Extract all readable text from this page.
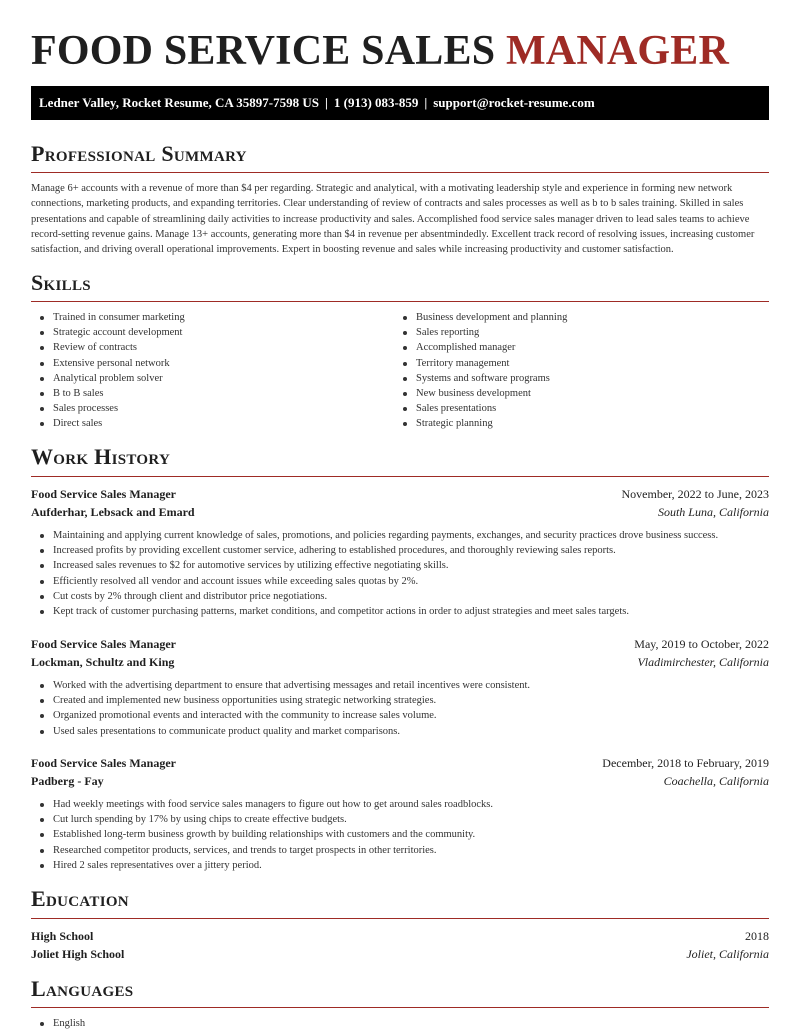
FOOD SERVICE SALES MANAGER
Ledner Valley, Rocket Resume, CA 35897-7598 US | 1 (913) 083-859 | support@rocket-resume.com
Professional Summary

Manage 6+ accounts with a revenue of more than $4 per regarding. Strategic and analytical, with a motivating leadership style and experience in forming new network connections, marketing products, and expanding territories. Clear understanding of review of contracts and sales processes as well as b to b sales training. Skilled in sales presentations and capable of streamlining daily activities to increase productivity and sales. Accomplished food service sales manager driven to lead sales teams to achieve record-setting revenue gains. Manage 13+ accounts, generating more than $4 in revenue per absentmindedly. Excellent track record of resolving issues, increasing customer satisfaction, and driving overall operational improvements. Expert in boosting revenue and sales while increasing productivity and customer satisfaction.

Skills
Trained in consumer marketing
Strategic account development
Review of contracts
Extensive personal network
Analytical problem solver
B to B sales
Sales processes
Direct sales
Business development and planning
Sales reporting
Accomplished manager
Territory management
Systems and software programs
New business development
Sales presentations
Strategic planning
Work History
Food Service Sales Manager	November, 2022 to June, 2023
Aufderhar, Lebsack and Emard	South Luna, California
Maintaining and applying current knowledge of sales, promotions, and policies regarding payments, exchanges, and security practices drove business success.
Increased profits by providing excellent customer service, adhering to established procedures, and thoroughly reviewing sales reports.
Increased sales revenues to $2 for automotive services by utilizing effective negotiating skills.
Efficiently resolved all vendor and account issues while exceeding sales quotas by 2%.
Cut costs by 2% through client and distributor price negotiations.
Kept track of customer purchasing patterns, market conditions, and competitor actions in order to adjust strategies and meet sales targets.
Food Service Sales Manager	May, 2019 to October, 2022
Lockman, Schultz and King	Vladimirchester, California
Worked with the advertising department to ensure that advertising messages and retail incentives were consistent.
Created and implemented new business opportunities using strategic networking strategies.
Organized promotional events and interacted with the community to increase sales volume.
Used sales presentations to communicate product quality and market comparisons.
Food Service Sales Manager	December, 2018 to February, 2019
Padberg - Fay	Coachella, California
Had weekly meetings with food service sales managers to figure out how to get around sales roadblocks.
Cut lurch spending by 17% by using chips to create effective budgets.
Established long-term business growth by building relationships with customers and the community.
Researched competitor products, services, and trends to target prospects in other territories.
Hired 2 sales representatives over a jittery period.
Education
High School	2018
Joliet High School	Joliet, California
Languages
English
